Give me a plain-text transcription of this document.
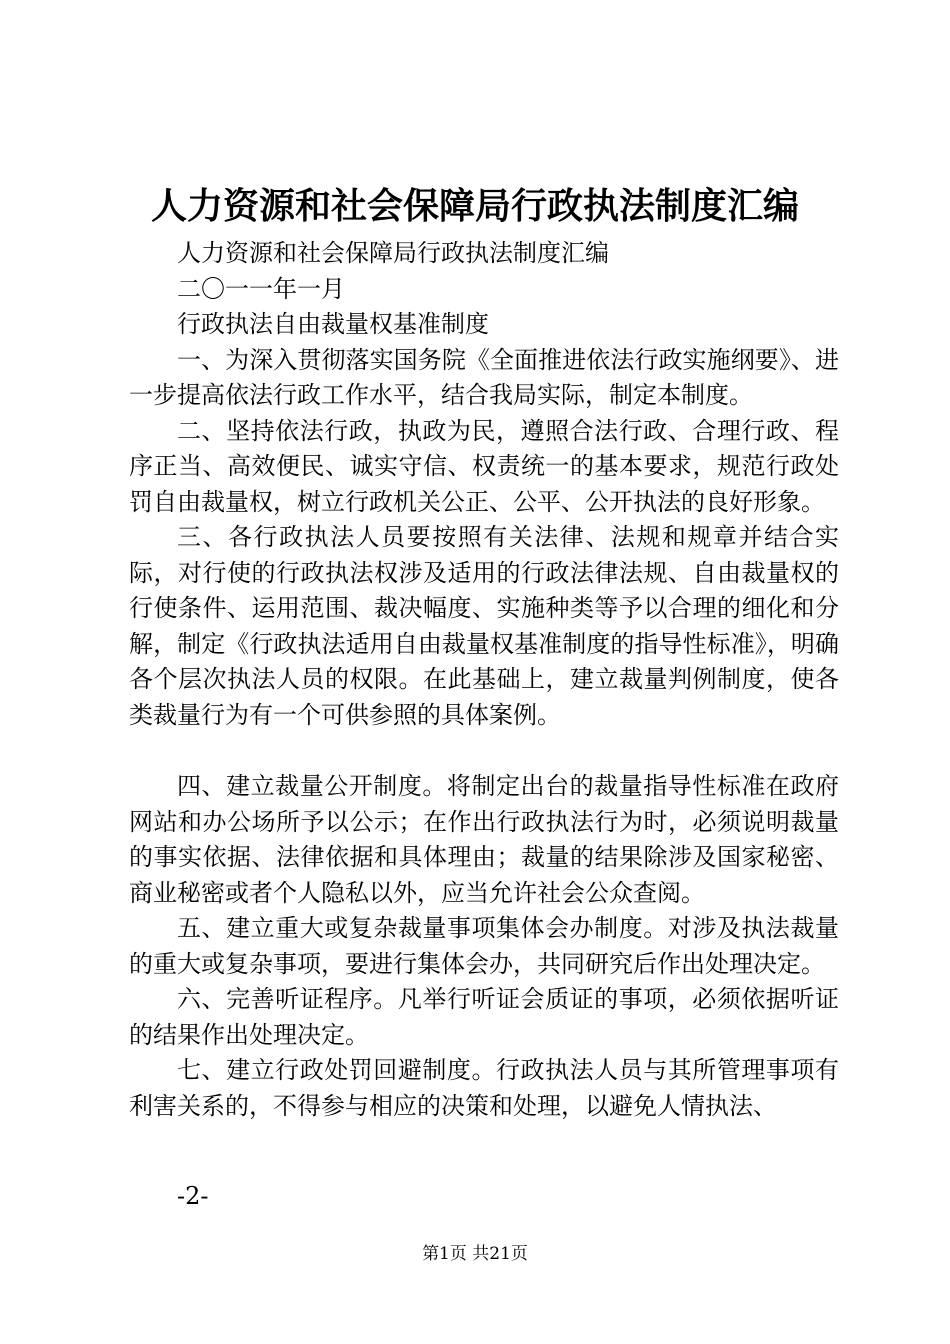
人力资源和社会保障局行政执法制度汇编

人力资源和社会保障局行政执法制度汇编

二〇一一年一月

行政执法自由裁量权基准制度

一、为深入贯彻落实国务院《全面推进依法行政实施纲要》、进一步提高依法行政工作水平，结合我局实际，制定本制度。

二、坚持依法行政，执政为民，遵照合法行政、合理行政、程序正当、高效便民、诚实守信、权责统一的基本要求，规范行政处罚自由裁量权，树立行政机关公正、公平、公开执法的良好形象。

三、各行政执法人员要按照有关法律、法规和规章并结合实际，对行使的行政执法权涉及适用的行政法律法规、自由裁量权的行使条件、运用范围、裁决幅度、实施种类等予以合理的细化和分解，制定《行政执法适用自由裁量权基准制度的指导性标准》，明确各个层次执法人员的权限。在此基础上，建立裁量判例制度，使各类裁量行为有一个可供参照的具体案例。

四、建立裁量公开制度。将制定出台的裁量指导性标准在政府网站和办公场所予以公示；在作出行政执法行为时，必须说明裁量的事实依据、法律依据和具体理由；裁量的结果除涉及国家秘密、商业秘密或者个人隐私以外，应当允许社会公众查阅。

五、建立重大或复杂裁量事项集体会办制度。对涉及执法裁量的重大或复杂事项，要进行集体会办，共同研究后作出处理决定。

六、完善听证程序。凡举行听证会质证的事项，必须依据听证的结果作出处理决定。

七、建立行政处罚回避制度。行政执法人员与其所管理事项有利害关系的，不得参与相应的决策和处理，以避免人情执法、

-2-
第1页 共21页
